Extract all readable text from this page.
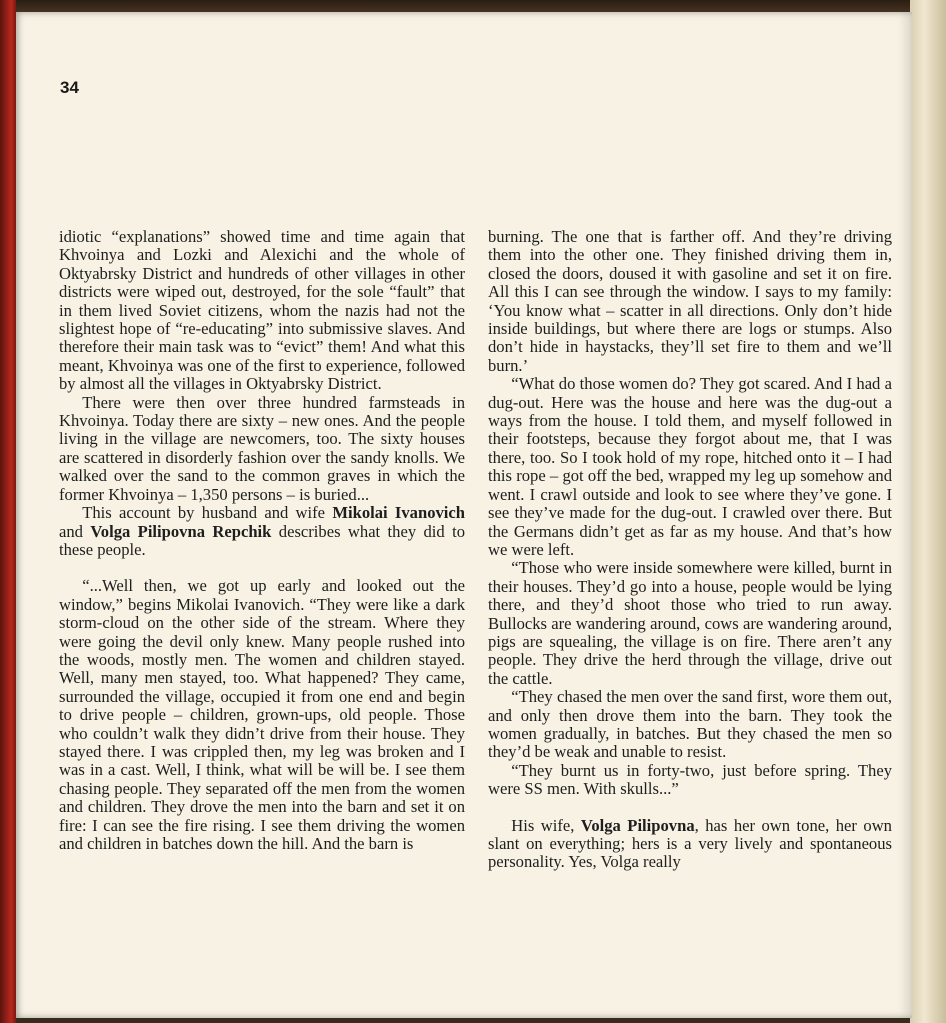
34

idiotic “explanations” showed time and time again that Khvoinya and Lozki and Alexichi and the whole of Oktyabrsky District and hundreds of other villages in other districts were wiped out, destroyed, for the sole “fault” that in them lived Soviet citizens, whom the nazis had not the slightest hope of “re-educating” into submissive slaves. And therefore their main task was to “evict” them! And what this meant, Khvoinya was one of the first to experience, followed by almost all the villages in Oktyabrsky District.

There were then over three hundred farmsteads in Khvoinya. Today there are sixty – new ones. And the people living in the village are newcomers, too. The sixty houses are scattered in disorderly fashion over the sandy knolls. We walked over the sand to the common graves in which the former Khvoinya – 1,350 persons – is buried...

This account by husband and wife Mikolai Ivanovich and Volga Pilipovna Repchik describes what they did to these people.

“...Well then, we got up early and looked out the window,” begins Mikolai Ivanovich. “They were like a dark storm-cloud on the other side of the stream. Where they were going the devil only knew. Many people rushed into the woods, mostly men. The women and children stayed. Well, many men stayed, too. What happened? They came, surrounded the village, occupied it from one end and begin to drive people – children, grown-ups, old people. Those who couldn’t walk they didn’t drive from their house. They stayed there. I was crippled then, my leg was broken and I was in a cast. Well, I think, what will be will be. I see them chasing people. They separated off the men from the women and children. They drove the men into the barn and set it on fire: I can see the fire rising. I see them driving the women and children in batches down the hill. And the barn is

burning. The one that is farther off. And they’re driving them into the other one. They finished driving them in, closed the doors, doused it with gasoline and set it on fire. All this I can see through the window. I says to my family: ‘You know what – scatter in all directions. Only don’t hide inside buildings, but where there are logs or stumps. Also don’t hide in haystacks, they’ll set fire to them and we’ll burn.’

“What do those women do? They got scared. And I had a dug-out. Here was the house and here was the dug-out a ways from the house. I told them, and myself followed in their footsteps, because they forgot about me, that I was there, too. So I took hold of my rope, hitched onto it – I had this rope – got off the bed, wrapped my leg up somehow and went. I crawl outside and look to see where they’ve gone. I see they’ve made for the dug-out. I crawled over there. But the Germans didn’t get as far as my house. And that’s how we were left.

“Those who were inside somewhere were killed, burnt in their houses. They’d go into a house, people would be lying there, and they’d shoot those who tried to run away. Bullocks are wandering around, cows are wandering around, pigs are squealing, the village is on fire. There aren’t any people. They drive the herd through the village, drive out the cattle.

“They chased the men over the sand first, wore them out, and only then drove them into the barn. They took the women gradually, in batches. But they chased the men so they’d be weak and unable to resist.

“They burnt us in forty-two, just before spring. They were SS men. With skulls...”

His wife, Volga Pilipovna, has her own tone, her own slant on everything; hers is a very lively and spontaneous personality. Yes, Volga really
